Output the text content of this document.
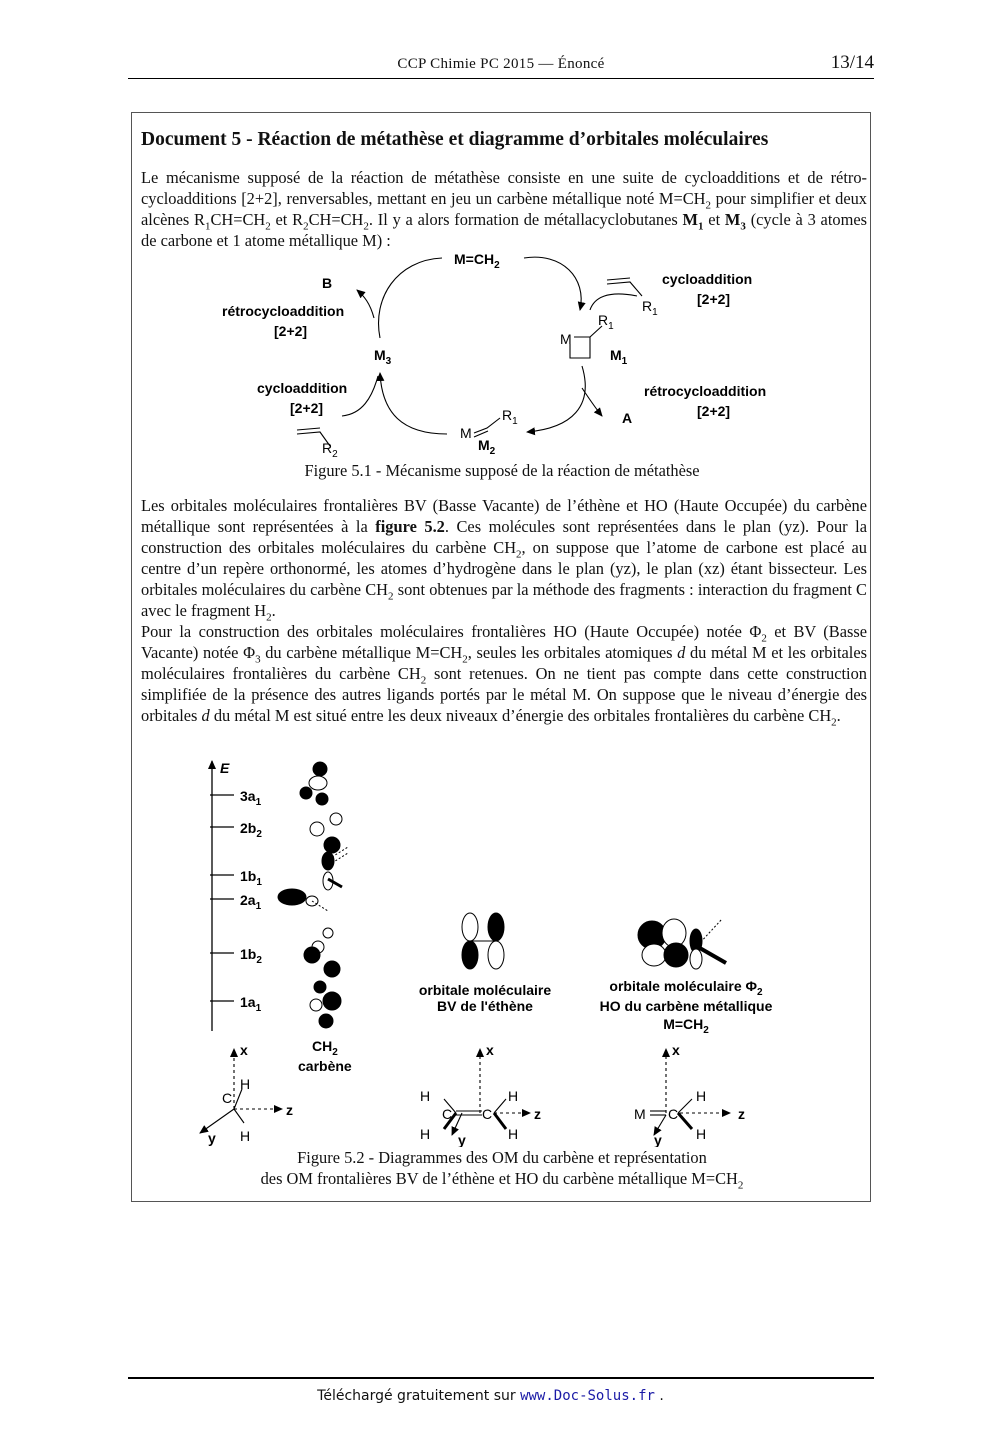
CCP Chimie PC 2015 — Énoncé	13/14
Document 5 - Réaction de métathèse et diagramme d’orbitales moléculaires

Le mécanisme supposé de la réaction de métathèse consiste en une suite de cycloadditions et de rétro-cycloadditions [2+2], renversables, mettant en jeu un carbène métallique noté $M=CH_2$ pour simplifier et deux alcènes $R_1CH=CH_2$ et $R_2CH=CH_2$. Il y a alors formation de métallacyclobutanes $M_1$ et $M_3$ (cycle à 3 atomes de carbone et 1 atome métallique M) :

$M=CH_2$
B
rétrocycloaddition
[2+2]
cycloaddition
[2+2]
$M_3$	$M_1$
cycloaddition
[2+2]
rétrocycloaddition
[2+2]
A
$M_2$
$R_1$
$R_1$
M
$R_1$
M
$R_2$
Figure 5.1 - Mécanisme supposé de la réaction de métathèse

Les orbitales moléculaires frontalières BV (Basse Vacante) de l’éthène et HO (Haute Occupée) du carbène métallique sont représentées à la figure 5.2. Ces molécules sont représentées dans le plan (yz). Pour la construction des orbitales moléculaires du carbène $CH_2$, on suppose que l’atome de carbone est placé au centre d’un repère orthonormé, les atomes d’hydrogène dans le plan (yz), le plan (xz) étant bissecteur. Les orbitales moléculaires du carbène $CH_2$ sont obtenues par la méthode des fragments : interaction du fragment C avec le fragment $H_2$.

Pour la construction des orbitales moléculaires frontalières HO (Haute Occupée) notée $\Phi_2$ et BV (Basse Vacante) notée $\Phi_3$ du carbène métallique $M=CH_2$, seules les orbitales atomiques d du métal M et les orbitales moléculaires frontalières du carbène $CH_2$ sont retenues. On ne tient pas compte dans cette construction simplifiée de la présence des autres ligands portés par le métal M. On suppose que le niveau d’énergie des orbitales d du métal M est situé entre les deux niveaux d’énergie des orbitales frontalières du carbène $CH_2$.

E
$3a_1$
$2b_2$
$1b_1$
$2a_1$
$1b_2$
$1a_1$
$CH_2$
carbène
orbitale moléculaire
BV de l'éthène
orbitale moléculaire $\Phi_2$
HO du carbène métallique
$M=CH_2$
x
z
y
C
H
H
x
z
y
C C
H
H
H
H
x
z
y
M C
H
H
Figure 5.2 - Diagrammes des OM du carbène et représentation
des OM frontalières BV de l’éthène et HO du carbène métallique $M=CH_2$
Téléchargé gratuitement sur www.Doc-Solus.fr .
